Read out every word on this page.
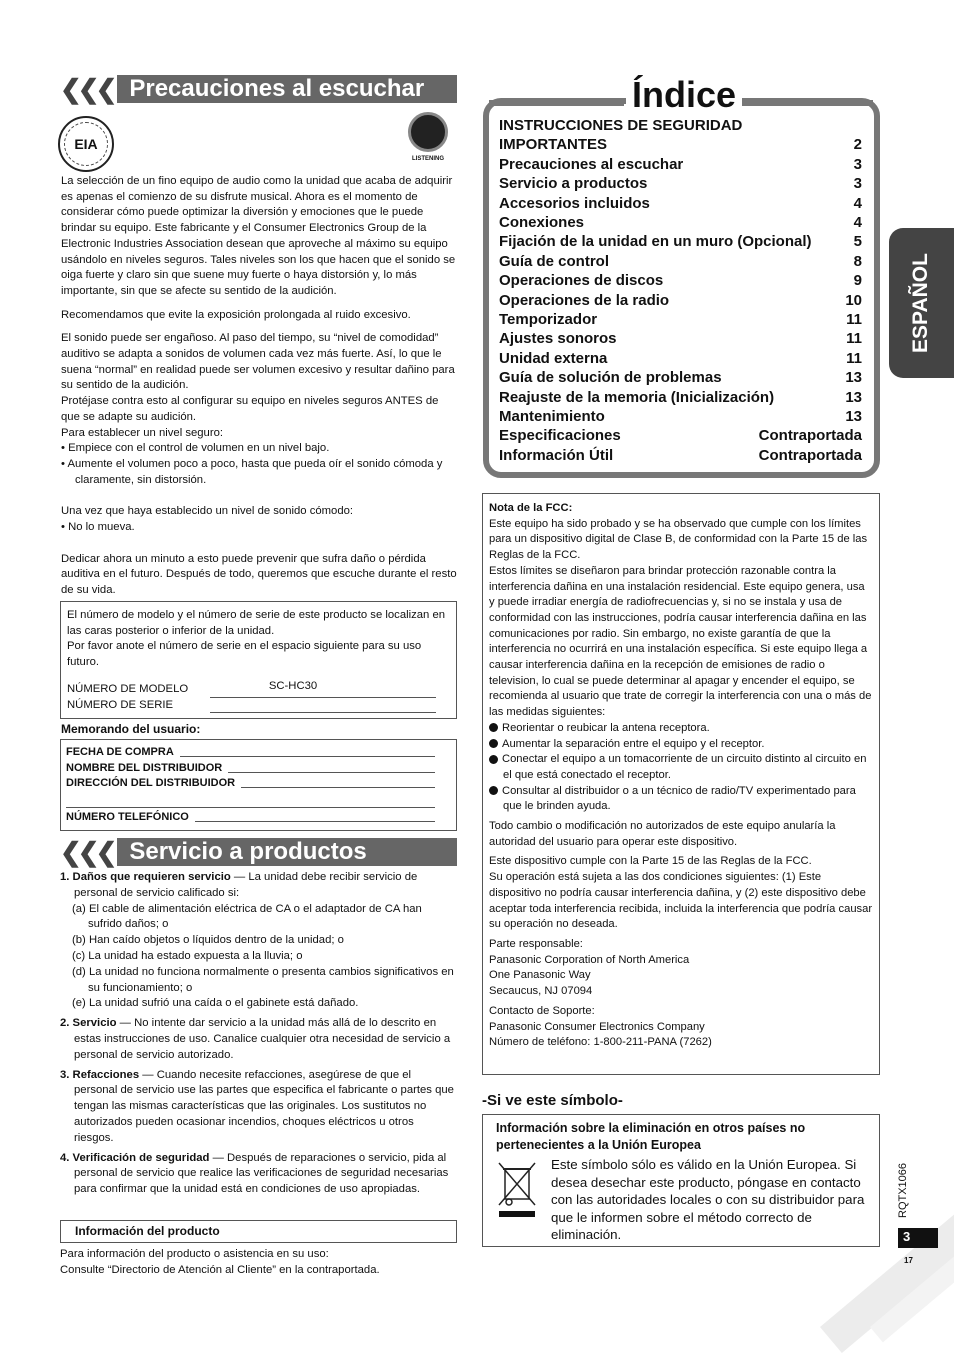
❮❮❮ Precauciones al escuchar
EIA
LISTENING

La selección de un fino equipo de audio como la unidad que acaba de adquirir es apenas el comienzo de su disfrute musical. Ahora es el momento de considerar cómo puede optimizar la diversión y emociones que le puede brindar su equipo. Este fabricante y el Consumer Electronics Group de la Electronic Industries Association desean que aproveche al máximo su equipo usándolo en niveles seguros. Tales niveles son los que hacen que el sonido se oiga fuerte y claro sin que suene muy fuerte o haya distorsión y, lo más importante, sin que se afecte su sentido de la audición.

Recomendamos que evite la exposición prolongada al ruido excesivo.

El sonido puede ser engañoso. Al paso del tiempo, su “nivel de comodidad” auditivo se adapta a sonidos de volumen cada vez más fuerte. Así, lo que le suena “normal” en realidad puede ser volumen excesivo y resultar dañino para su sentido de la audición.
Protéjase contra esto al configurar su equipo en niveles seguros ANTES de que se adapte su audición.
Para establecer un nivel seguro:
• Empiece con el control de volumen en un nivel bajo.

• Aumente el volumen poco a poco, hasta que pueda oír el sonido cómoda y claramente, sin distorsión.

Una vez que haya establecido un nivel de sonido cómodo:

• No lo mueva.

Dedicar ahora un minuto a esto puede prevenir que sufra daño o pérdida auditiva en el futuro. Después de todo, queremos que escuche durante el resto de su vida.

El número de modelo y el número de serie de este producto se localizan en las caras posterior o inferior de la unidad.
Por favor anote el número de serie en el espacio siguiente para su uso futuro.
NÚMERO DE MODELO	SC-HC30
NÚMERO DE SERIE
Memorando del usuario:
FECHA DE COMPRA
NOMBRE DEL DISTRIBUIDOR
DIRECCIÓN DEL DISTRIBUIDOR
NÚMERO TELEFÓNICO
❮❮❮ Servicio a productos
1. Daños que requieren servicio — La unidad debe recibir servicio de personal de servicio calificado si:
(a) El cable de alimentación eléctrica de CA o el adaptador de CA han sufrido daños; o
(b) Han caído objetos o líquidos dentro de la unidad; o
(c) La unidad ha estado expuesta a la lluvia; o
(d) La unidad no funciona normalmente o presenta cambios significativos en su funcionamiento; o
(e) La unidad sufrió una caída o el gabinete está dañado.
2. Servicio — No intente dar servicio a la unidad más allá de lo descrito en estas instrucciones de uso. Canalice cualquier otra necesidad de servicio a personal de servicio autorizado.
3. Refacciones — Cuando necesite refacciones, asegúrese de que el personal de servicio use las partes que especifica el fabricante o partes que tengan las mismas características que las originales. Los sustitutos no autorizados pueden ocasionar incendios, choques eléctricos u otros riesgos.
4. Verificación de seguridad — Después de reparaciones o servicio, pida al personal de servicio que realice las verificaciones de seguridad necesarias para confirmar que la unidad está en condiciones de uso apropiadas.
Información del producto
Para información del producto o asistencia en su uso:
Consulte “Directorio de Atención al Cliente” en la contraportada.
Índice
INSTRUCCIONES DE SEGURIDAD
IMPORTANTES	2
Precauciones al escuchar	3
Servicio a productos	3
Accesorios incluidos	4
Conexiones	4
Fijación de la unidad en un muro (Opcional)	5
Guía de control	8
Operaciones de discos	9
Operaciones de la radio	10
Temporizador	11
Ajustes sonoros	11
Unidad externa	11
Guía de solución de problemas	13
Reajuste de la memoria (Inicialización)	13
Mantenimiento	13
Especificaciones	Contraportada
Información Útil	Contraportada
ESPAÑOL
Nota de la FCC:
Este equipo ha sido probado y se ha observado que cumple con los límites para un dispositivo digital de Clase B, de conformidad con la Parte 15 de las Reglas de la FCC.
Estos límites se diseñaron para brindar protección razonable contra la interferencia dañina en una instalación residencial. Este equipo genera, usa y puede irradiar energía de radiofrecuencias y, si no se instala y usa de conformidad con las instrucciones, podría causar interferencia dañina en las comunicaciones por radio. Sin embargo, no existe garantía de que la interferencia no ocurrirá en una instalación específica. Si este equipo llega a causar interferencia dañina en la recepción de emisiones de radio o television, lo cual se puede determinar al apagar y encender el equipo, se recomienda al usuario que trate de corregir la interferencia con una o más de las medidas siguientes:
Reorientar o reubicar la antena receptora.
Aumentar la separación entre el equipo y el receptor.
Conectar el equipo a un tomacorriente de un circuito distinto al circuito en el que está conectado el receptor.
Consultar al distribuidor o a un técnico de radio/TV experimentado para que le brinden ayuda.
Todo cambio o modificación no autorizados de este equipo anularía la autoridad del usuario para operar este dispositivo.
Este dispositivo cumple con la Parte 15 de las Reglas de la FCC.
Su operación está sujeta a las dos condiciones siguientes: (1) Este dispositivo no podría causar interferencia dañina, y (2) este dispositivo debe aceptar toda interferencia recibida, incluida la interferencia que podría causar su operación no deseada.
Parte responsable:
Panasonic Corporation of North America
One Panasonic Way
Secaucus, NJ 07094
Contacto de Soporte:
Panasonic Consumer Electronics Company
Número de teléfono: 1-800-211-PANA (7262)
-Si ve este símbolo-
Información sobre la eliminación en otros países no pertenecientes a la Unión Europea
Este símbolo sólo es válido en la Unión Europea. Si desea desechar este producto, póngase en contacto con las autoridades locales o con su distribuidor para que le informen sobre el método correcto de eliminación.
RQTX1066
3
17
